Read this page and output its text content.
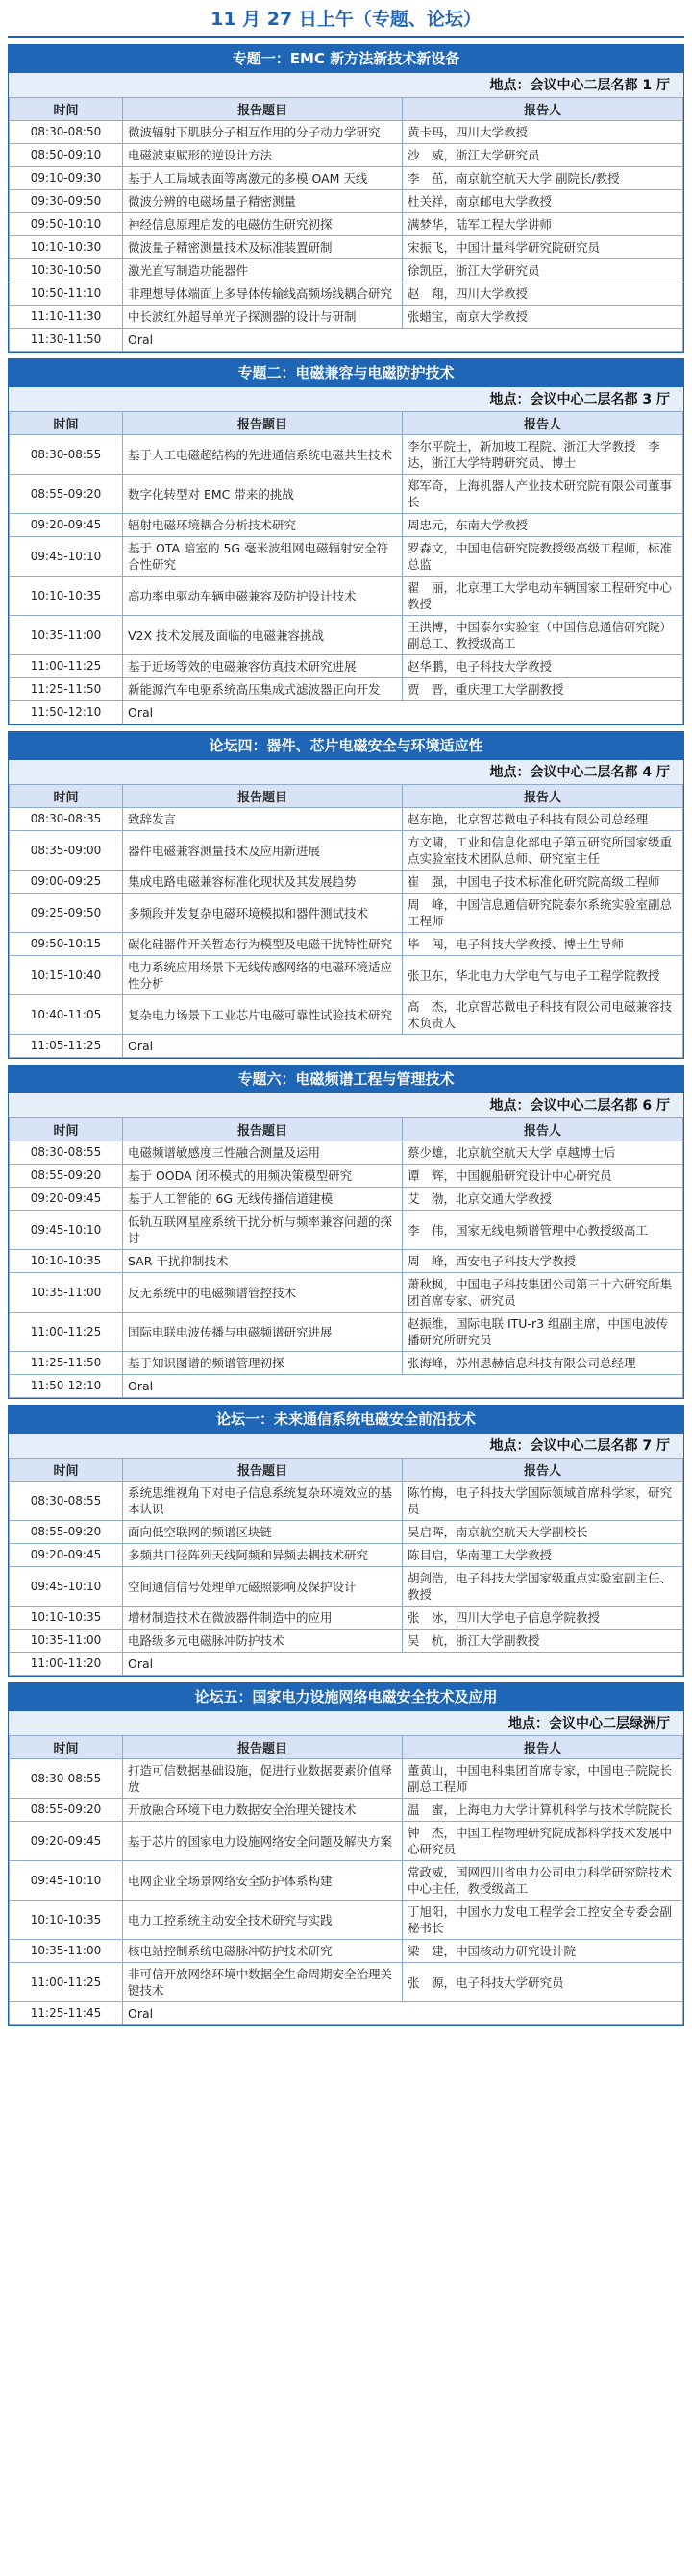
11 月 27 日上午（专题、论坛）
专题一：EMC 新方法新技术新设备
地点：会议中心二层名都 1 厅
时间	报告题目	报告人
08:30-08:50	微波辐射下肌肤分子相互作用的分子动力学研究	黄卡玛，四川大学教授
08:50-09:10	电磁波束赋形的逆设计方法	沙　威，浙江大学研究员
09:10-09:30	基于人工局域表面等离激元的多模 OAM 天线	李　茁，南京航空航天大学 副院长/教授
09:30-09:50	微波分辨的电磁场量子精密测量	杜关祥，南京邮电大学教授
09:50-10:10	神经信息原理启发的电磁仿生研究初探	满梦华，陆军工程大学讲师
10:10-10:30	微波量子精密测量技术及标准装置研制	宋振飞，中国计量科学研究院研究员
10:30-10:50	激光直写制造功能器件	徐凯臣，浙江大学研究员
10:50-11:10	非理想导体端面上多导体传输线高频场线耦合研究	赵　翔，四川大学教授
11:10-11:30	中长波红外超导单光子探测器的设计与研制	张蜡宝，南京大学教授
11:30-11:50	Oral	
专题二：电磁兼容与电磁防护技术
地点：会议中心二层名都 3 厅
时间	报告题目	报告人
08:30-08:55	基于人工电磁超结构的先进通信系统电磁共生技术	李尔平院士，新加坡工程院、浙江大学教授　李达，浙江大学特聘研究员、博士
08:55-09:20	数字化转型对 EMC 带来的挑战	郑军奇，上海机器人产业技术研究院有限公司董事长
09:20-09:45	辐射电磁环境耦合分析技术研究	周忠元，东南大学教授
09:45-10:10	基于 OTA 暗室的 5G 毫米波组网电磁辐射安全符合性研究	罗森文，中国电信研究院教授级高级工程师，标准总监
10:10-10:35	高功率电驱动车辆电磁兼容及防护设计技术	翟　丽，北京理工大学电动车辆国家工程研究中心教授
10:35-11:00	V2X 技术发展及面临的电磁兼容挑战	王洪博，中国泰尔实验室（中国信息通信研究院）副总工、教授级高工
11:00-11:25	基于近场等效的电磁兼容仿真技术研究进展	赵华鹏，电子科技大学教授
11:25-11:50	新能源汽车电驱系统高压集成式滤波器正向开发	贾　晋，重庆理工大学副教授
11:50-12:10	Oral	
论坛四：器件、芯片电磁安全与环境适应性
地点：会议中心二层名都 4 厅
时间	报告题目	报告人
08:30-08:35	致辞发言	赵东艳，北京智芯微电子科技有限公司总经理
08:35-09:00	器件电磁兼容测量技术及应用新进展	方文啸，工业和信息化部电子第五研究所国家级重点实验室技术团队总师、研究室主任
09:00-09:25	集成电路电磁兼容标准化现状及其发展趋势	崔　强，中国电子技术标准化研究院高级工程师
09:25-09:50	多频段并发复杂电磁环境模拟和器件测试技术	周　峰，中国信息通信研究院泰尔系统实验室副总工程师
09:50-10:15	碳化硅器件开关暂态行为模型及电磁干扰特性研究	毕　闯，电子科技大学教授、博士生导师
10:15-10:40	电力系统应用场景下无线传感网络的电磁环境适应性分析	张卫东，华北电力大学电气与电子工程学院教授
10:40-11:05	复杂电力场景下工业芯片电磁可靠性试验技术研究	高　杰，北京智芯微电子科技有限公司电磁兼容技术负责人
11:05-11:25	Oral	
专题六：电磁频谱工程与管理技术
地点：会议中心二层名都 6 厅
时间	报告题目	报告人
08:30-08:55	电磁频谱敏感度三性融合测量及运用	蔡少雄，北京航空航天大学 卓越博士后
08:55-09:20	基于 OODA 闭环模式的用频决策模型研究	谭　辉，中国舰船研究设计中心研究员
09:20-09:45	基于人工智能的 6G 无线传播信道建模	艾　渤，北京交通大学教授
09:45-10:10	低轨互联网星座系统干扰分析与频率兼容问题的探讨	李　伟，国家无线电频谱管理中心教授级高工
10:10-10:35	SAR 干扰抑制技术	周　峰，西安电子科技大学教授
10:35-11:00	反无系统中的电磁频谱管控技术	萧秋枫，中国电子科技集团公司第三十六研究所集团首席专家、研究员
11:00-11:25	国际电联电波传播与电磁频谱研究进展	赵振维，国际电联 ITU-r3 组副主席，中国电波传播研究所研究员
11:25-11:50	基于知识图谱的频谱管理初探	张海峰，苏州思赫信息科技有限公司总经理
11:50-12:10	Oral	
论坛一：未来通信系统电磁安全前沿技术
地点：会议中心二层名都 7 厅
时间	报告题目	报告人
08:30-08:55	系统思维视角下对电子信息系统复杂环境效应的基本认识	陈竹梅，电子科技大学国际领域首席科学家，研究员
08:55-09:20	面向低空联网的频谱区块链	吴启晖，南京航空航天大学副校长
09:20-09:45	多频共口径阵列天线阿频和异频去耦技术研究	陈目启，华南理工大学教授
09:45-10:10	空间通信信号处理单元磁照影响及保护设计	胡剑浩，电子科技大学国家级重点实验室副主任、教授
10:10-10:35	增材制造技术在微波器件制造中的应用	张　冰，四川大学电子信息学院教授
10:35-11:00	电路级多元电磁脉冲防护技术	吴　杭，浙江大学副教授
11:00-11:20	Oral	
论坛五：国家电力设施网络电磁安全技术及应用
地点：会议中心二层绿洲厅
时间	报告题目	报告人
08:30-08:55	打造可信数据基础设施，促进行业数据要素价值释放	董黄山，中国电科集团首席专家，中国电子院院长副总工程师
08:55-09:20	开放融合环境下电力数据安全治理关键技术	温　蜜，上海电力大学计算机科学与技术学院院长
09:20-09:45	基于芯片的国家电力设施网络安全问题及解决方案	钟　杰，中国工程物理研究院成都科学技术发展中心研究员
09:45-10:10	电网企业全场景网络安全防护体系构建	常政威，国网四川省电力公司电力科学研究院技术中心主任，教授级高工
10:10-10:35	电力工控系统主动安全技术研究与实践	丁旭阳，中国水力发电工程学会工控安全专委会副秘书长
10:35-11:00	核电站控制系统电磁脉冲防护技术研究	梁　建，中国核动力研究设计院
11:00-11:25	非可信开放网络环境中数据全生命周期安全治理关键技术	张　源，电子科技大学研究员
11:25-11:45	Oral	
